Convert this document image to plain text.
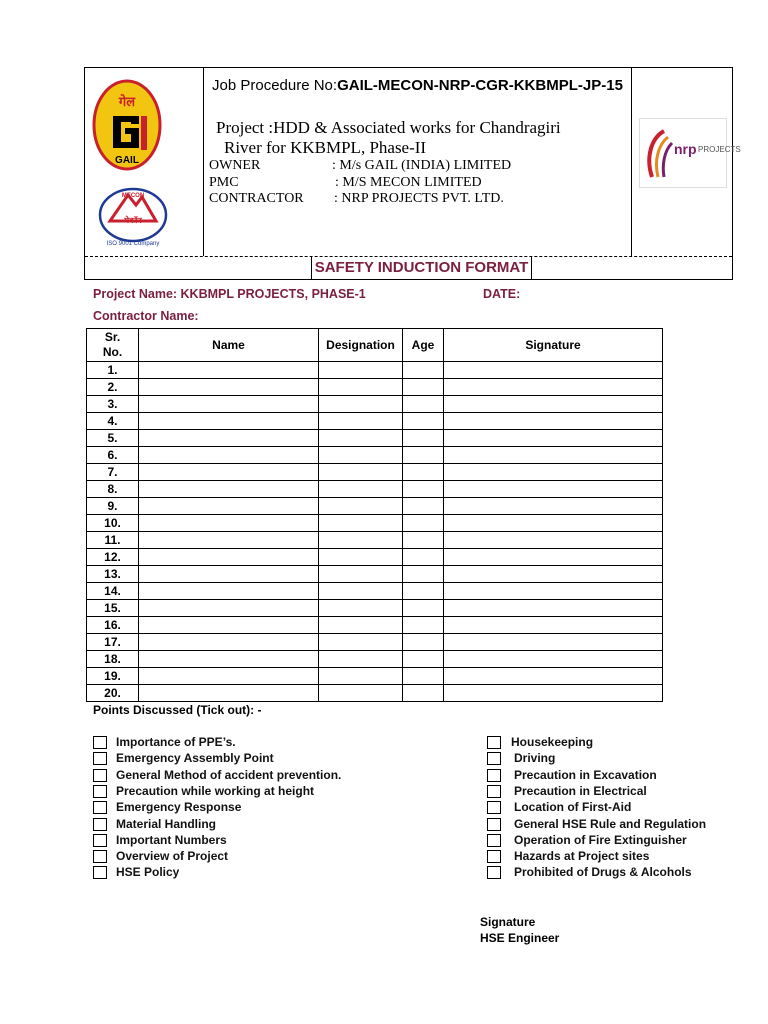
गेल
GAIL
MECON
मेकॉन
ISO 9001 Company
Job Procedure No:GAIL-MECON-NRP-CGR-KKBMPL-JP-15
Project :HDD & Associated works for Chandragiri
River for KKBMPL, Phase-II
OWNER	: M/s GAIL (INDIA) LIMITED
PMC	: M/S MECON LIMITED
CONTRACTOR : NRP PROJECTS PVT. LTD.
nrp PROJECTS
SAFETY INDUCTION FORMAT
Project Name: KKBMPL PROJECTS, PHASE-1	DATE:
Contractor Name:
Sr.
No.	Name	Designation	Age	Signature
1.				
2.				
3.				
4.				
5.				
6.				
7.				
8.				
9.				
10.				
11.				
12.				
13.				
14.				
15.				
16.				
17.				
18.				
19.				
20.				
Points Discussed (Tick out): -
Importance of PPE’s.
Emergency Assembly Point
General Method of accident prevention.
Precaution while working at height
Emergency Response
Material Handling
Important Numbers
Overview of Project
HSE Policy
Housekeeping
Driving
Precaution in Excavation
Precaution in Electrical
Location of First-Aid
General HSE Rule and Regulation
Operation of Fire Extinguisher
Hazards at Project sites
Prohibited of Drugs & Alcohols
Signature
HSE Engineer
